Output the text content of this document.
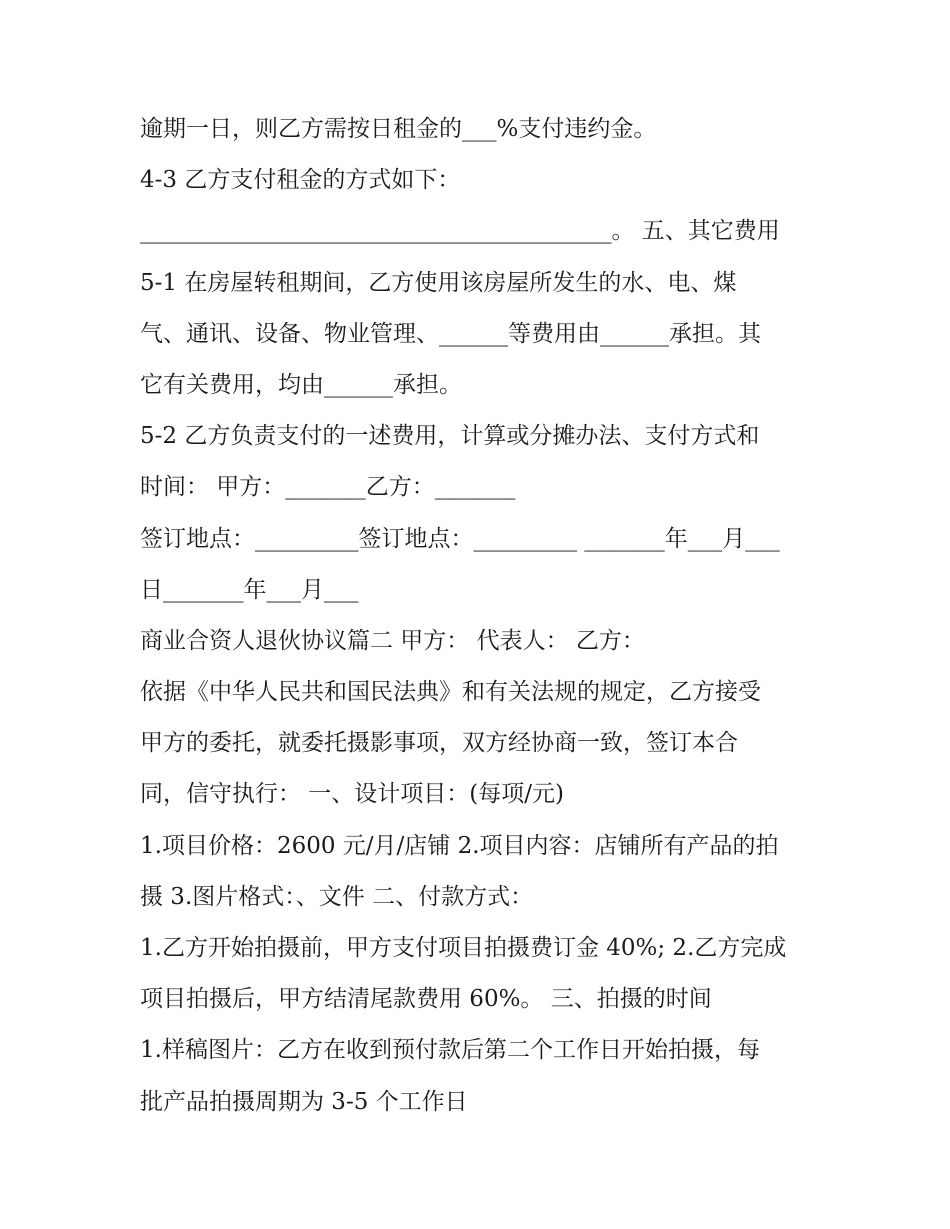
逾期一日，则乙方需按日租金的___%支付违约金。
4-3 乙方支付租金的方式如下：
_________________________________________。 五、其它费用
5-1 在房屋转租期间，乙方使用该房屋所发生的水、电、煤
气、通讯、设备、物业管理、______等费用由______承担。其
它有关费用，均由______承担。
5-2 乙方负责支付的一述费用，计算或分摊办法、支付方式和
时间： 甲方：_______乙方：_______
签订地点：_________签订地点：_________ _______年___月___
日_______年___月___
商业合资人退伙协议篇二 甲方： 代表人： 乙方：
依据《中华人民共和国民法典》和有关法规的规定，乙方接受
甲方的委托，就委托摄影事项，双方经协商一致，签订本合
同，信守执行： 一、设计项目：(每项/元)
1.项目价格：2600 元/月/店铺 2.项目内容：店铺所有产品的拍
摄 3.图片格式：、文件 二、付款方式：
1.乙方开始拍摄前，甲方支付项目拍摄费订金 40%; 2.乙方完成
项目拍摄后，甲方结清尾款费用 60%。 三、拍摄的时间
1.样稿图片：乙方在收到预付款后第二个工作日开始拍摄，每
批产品拍摄周期为 3-5 个工作日
